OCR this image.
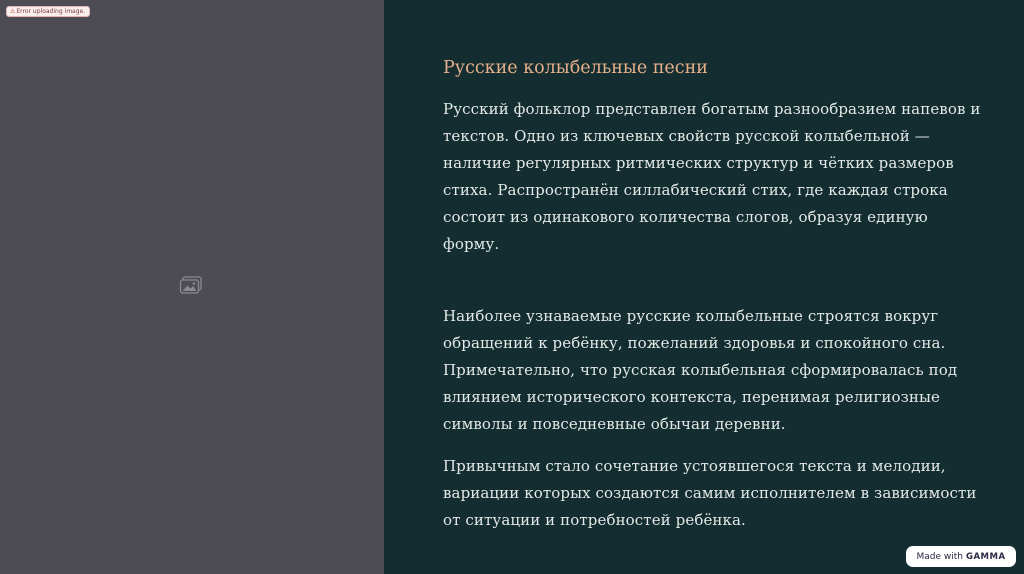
⚠ Error uploading image.
Русские колыбельные песни

Русский фольклор представлен богатым разнообразием напевов и текстов. Одно из ключевых свойств русской колыбельной — наличие регулярных ритмических структур и чётких размеров стиха. Распространён силлабический стих, где каждая строка состоит из одинакового количества слогов, образуя единую форму.

Наиболее узнаваемые русские колыбельные строятся вокруг обращений к ребёнку, пожеланий здоровья и спокойного сна. Примечательно, что русская колыбельная сформировалась под влиянием исторического контекста, перенимая религиозные символы и повседневные обычаи деревни.

Привычным стало сочетание устоявшегося текста и мелодии, вариации которых создаются самим исполнителем в зависимости от ситуации и потребностей ребёнка.

Made with GAMMA
